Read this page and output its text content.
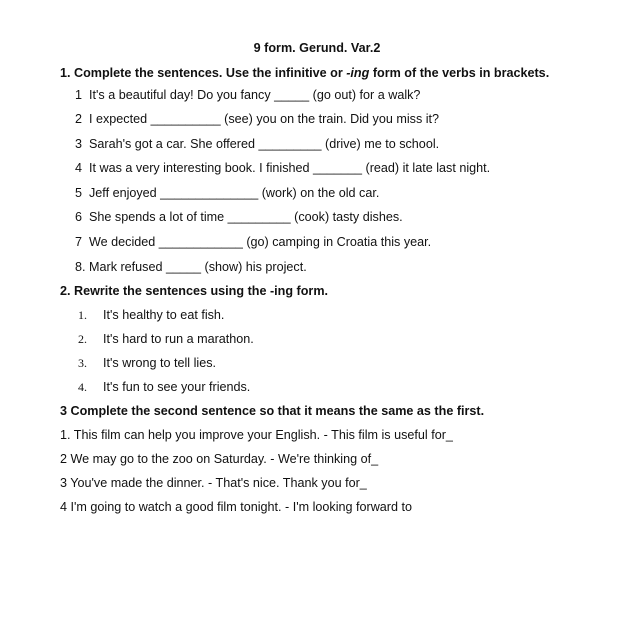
9 form. Gerund. Var.2
1. Complete the sentences. Use the infinitive or -ing form of the verbs in brackets.
1 It's a beautiful day! Do you fancy _____ (go out) for a walk?
2 I expected __________ (see) you on the train. Did you miss it?
3 Sarah's got a car. She offered _________ (drive) me to school.
4 It was a very interesting book. I finished _______ (read) it late last night.
5 Jeff enjoyed ______________ (work) on the old car.
6 She spends a lot of time _________ (cook) tasty dishes.
7 We decided ____________ (go) camping in Croatia this year.
8. Mark refused _____ (show) his project.
2. Rewrite the sentences using the -ing form.
1. It's healthy to eat fish.
2. It's hard to run a marathon.
3. It's wrong to tell lies.
4. It's fun to see your friends.
3 Complete the second sentence so that it means the same as the first.
1. This film can help you improve your English. - This film is useful for_
2 We may go to the zoo on Saturday. - We're thinking of_
3 You've made the dinner. - That's nice. Thank you for_
4 I'm going to watch a good film tonight. - I'm looking forward to
